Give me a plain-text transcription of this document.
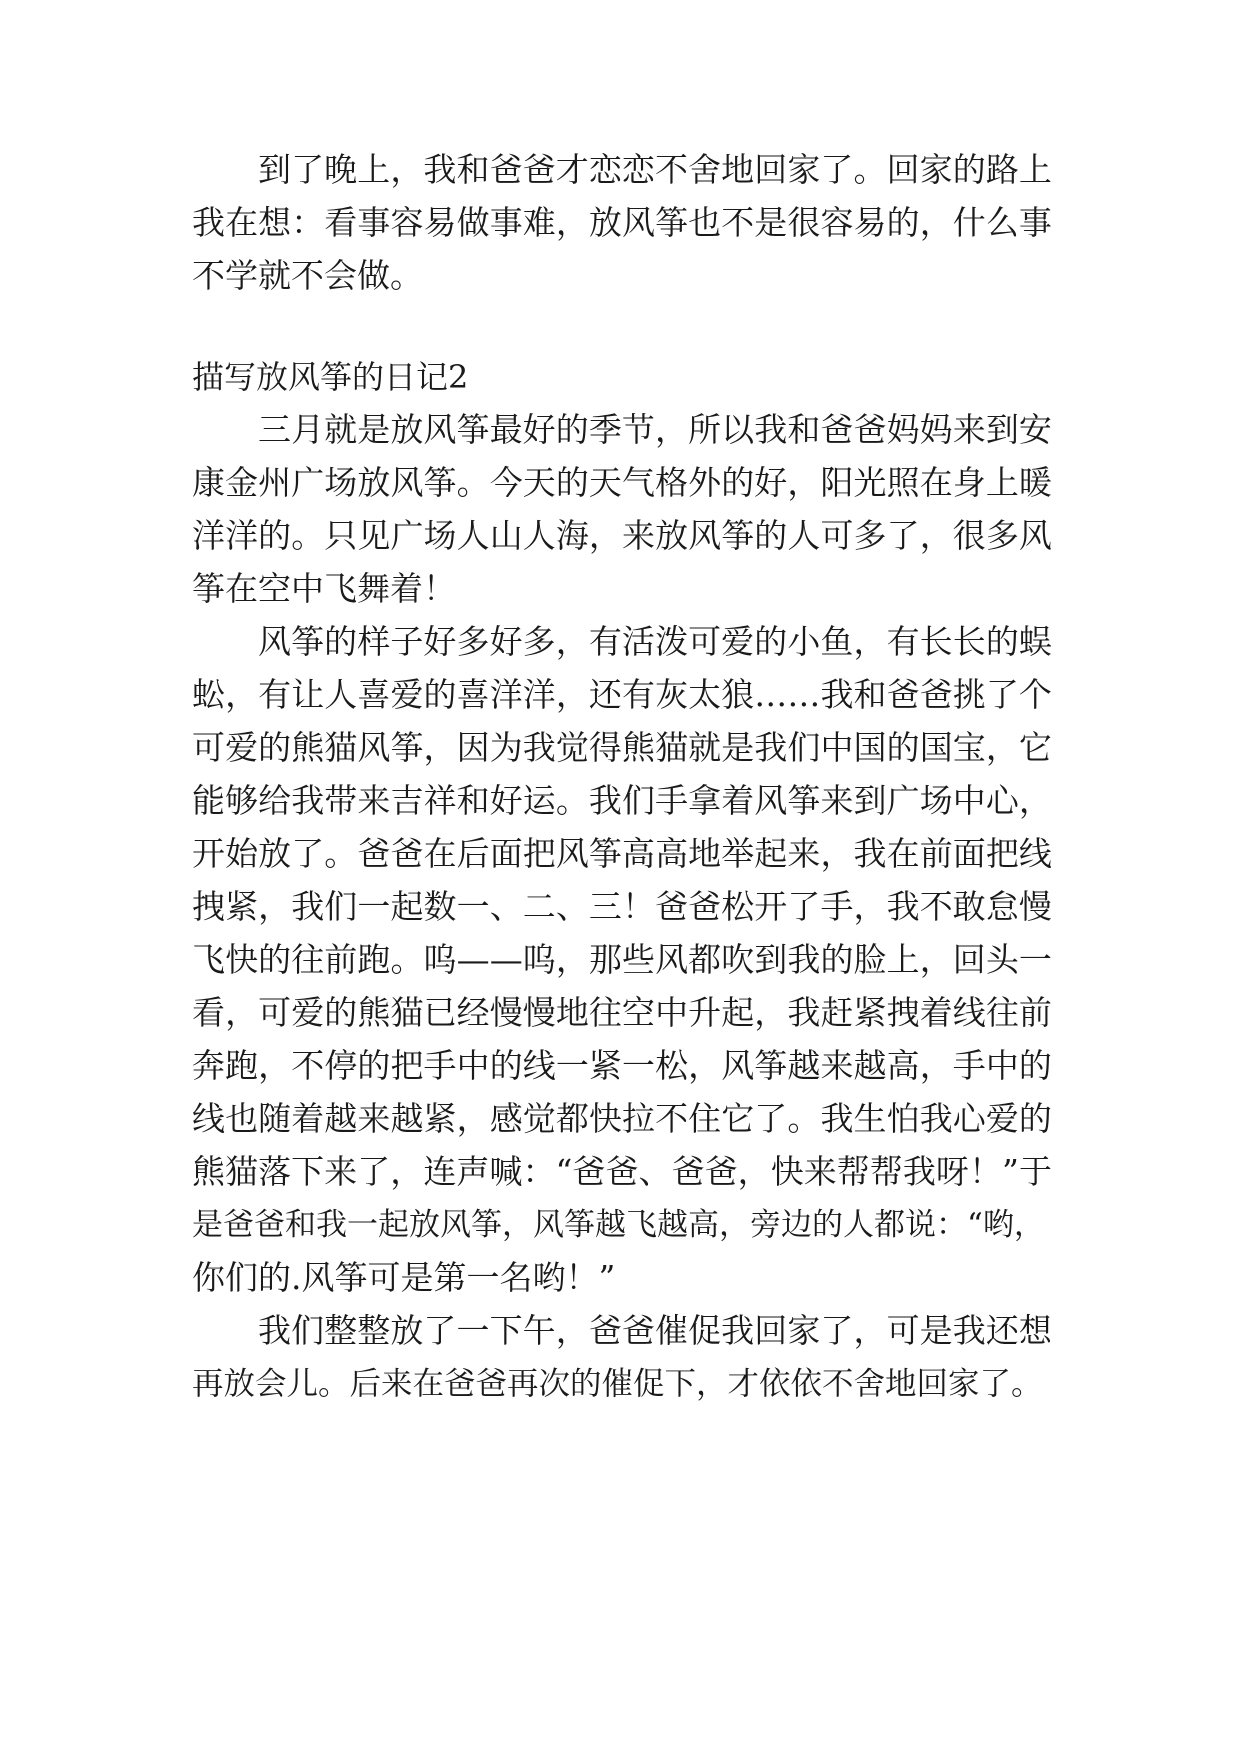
到了晚上，我和爸爸才恋恋不舍地回家了。回家的路上

我在想：看事容易做事难，放风筝也不是很容易的，什么事

不学就不会做。

描写放风筝的日记2

三月就是放风筝最好的季节，所以我和爸爸妈妈来到安

康金州广场放风筝。今天的天气格外的好，阳光照在身上暖

洋洋的。只见广场人山人海，来放风筝的人可多了，很多风

筝在空中飞舞着！

风筝的样子好多好多，有活泼可爱的小鱼，有长长的蜈

蚣，有让人喜爱的喜洋洋，还有灰太狼……我和爸爸挑了个

可爱的熊猫风筝，因为我觉得熊猫就是我们中国的国宝，它

能够给我带来吉祥和好运。我们手拿着风筝来到广场中心，

开始放了。爸爸在后面把风筝高高地举起来，我在前面把线

拽紧，我们一起数一、二、三！爸爸松开了手，我不敢怠慢

飞快的往前跑。呜——呜，那些风都吹到我的脸上，回头一

看，可爱的熊猫已经慢慢地往空中升起，我赶紧拽着线往前

奔跑，不停的把手中的线一紧一松，风筝越来越高，手中的

线也随着越来越紧，感觉都快拉不住它了。我生怕我心爱的

熊猫落下来了，连声喊：“爸爸、爸爸，快来帮帮我呀！”于

是爸爸和我一起放风筝，风筝越飞越高，旁边的人都说：“哟，

你们的.风筝可是第一名哟！”

我们整整放了一下午，爸爸催促我回家了，可是我还想

再放会儿。后来在爸爸再次的催促下，才依依不舍地回家了。
